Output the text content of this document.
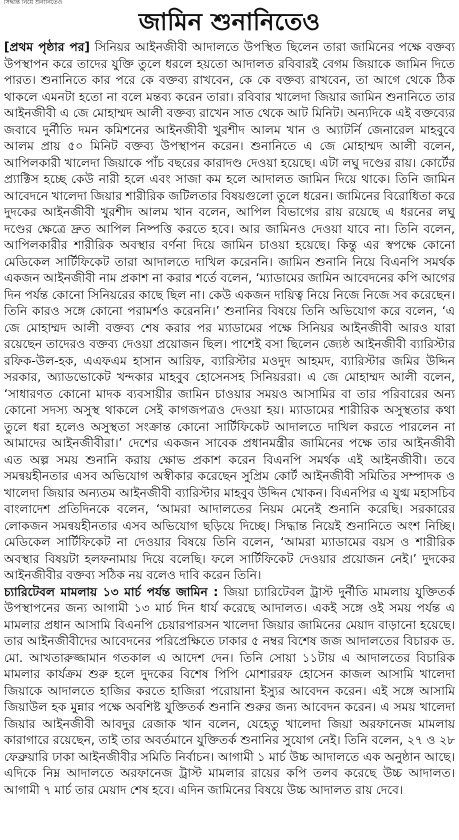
সিদ্ধান্ত নিয়ে শুনানিতেও
জামিন শুনানিতেও

[প্রথম পৃষ্ঠার পর] সিনিয়র আইনজীবী আদালতে উপস্থিত ছিলেন তারা জামিনের পক্ষে বক্তব্য উপস্থাপন করে তাদের যুক্তি তুলে ধরলে হয়তো আদালত রবিবারই বেগম জিয়াকে জামিন দিতে পারত। শুনানিতে কার পরে কে বক্তব্য রাখবেন, কে কে বক্তব্য রাখবেন, তা আগে থেকে ঠিক থাকলে এমনটা হতো না বলে মন্তব্য করেন তারা। রবিবার খালেদা জিয়ার জামিন শুনানিতে তার আইনজীবী এ জে মোহাম্মদ আলী বক্তব্য রাখেন সাত থেকে আট মিনিট। অন্যদিকে এই বক্তব্যের জবাবে দুর্নীতি দমন কমিশনের আইনজীবী খুরশীদ আলম খান ও অ্যাটর্নি জেনারেল মাহবুবে আলম প্রায় ৫০ মিনিট বক্তব্য উপস্থাপন করেন। শুনানিতে এ জে মোহাম্মদ আলী বলেন, আপিলকারী খালেদা জিয়াকে পাঁচ বছরের কারাদণ্ড দেওয়া হয়েছে। এটা লঘু দণ্ডের রায়। কোর্টের প্র্যাক্টিস হচ্ছে কেউ নারী হলে এবং সাজা কম হলে আদালত জামিন দিয়ে থাকে। তিনি জামিন আবেদনে খালেদা জিয়ার শারীরিক জটিলতার বিষয়গুলো তুলে ধরেন। জামিনের বিরোধিতা করে দুদকের আইনজীবী খুরশীদ আলম খান বলেন, আপিল বিভাগের রায় রয়েছে এ ধরনের লঘু দণ্ডের ক্ষেত্রে দ্রুত আপিল নিষ্পত্তি করতে হবে। আর জামিনও দেওয়া যাবে না। তিনি বলেন, আপিলকারীর শারীরিক অবস্থার বর্ণনা দিয়ে জামিন চাওয়া হয়েছে। কিন্তু এর স্বপক্ষে কোনো মেডিকেল সার্টিফিকেট তারা আদালতে দাখিল করেননি। জামিন শুনানি নিয়ে বিএনপি সমর্থক একজন আইনজীবী নাম প্রকাশ না করার শর্তে বলেন, ‘ম্যাডামের জামিন আবেদনের কপি আগের দিন পর্যন্ত কোনো সিনিয়রের কাছে ছিল না। কেউ একজন দায়িত্ব নিয়ে নিজে নিজে সব করেছেন। তিনি কারও সঙ্গে কোনো পরামর্শও করেননি।’ শুনানির বিষয়ে তিনি অভিযোগ করে বলেন, ‘এ জে মোহাম্মদ আলী বক্তব্য শেষ করার পর ম্যাডামের পক্ষে সিনিয়র আইনজীবী আরও যারা রয়েছেন তাদেরও বক্তব্য দেওয়া প্রয়োজন ছিল। পাশেই বসা ছিলেন জ্যেষ্ঠ আইনজীবী ব্যারিস্টার রফিক-উল-হক, এএফএম হাসান আরিফ, ব্যারিস্টার মওদুদ আহমদ, ব্যারিস্টার জমির উদ্দিন সরকার, অ্যাডভোকেট খন্দকার মাহবুব হোসেনসহ সিনিয়ররা। এ জে মোহাম্মদ আলী বলেন, ‘সাধারণত কোনো মাদক ব্যবসায়ীর জামিন চাওয়ার সময়ও আসামির বা তার পরিবারের অন্য কোনো সদস্য অসুস্থ থাকলে সেই কাগজপত্রও দেওয়া হয়। ম্যাডামের শারীরিক অসুস্থতার কথা তুলে ধরা হলেও অসুস্থতা সংক্রান্ত কোনো সার্টিফিকেট আদালতে দাখিল করতে পারলেন না আমাদের আইনজীবীরা।’ দেশের একজন সাবেক প্রধানমন্ত্রীর জামিনের পক্ষে তার আইনজীবী এত অল্প সময় শুনানি করায় ক্ষোভ প্রকাশ করেন বিএনপি সমর্থক এই আইনজীবী। তবে সমন্বয়হীনতার এসব অভিযোগ অস্বীকার করেছেন সুপ্রিম কোর্ট আইনজীবী সমিতির সম্পাদক ও খালেদা জিয়ার অন্যতম আইনজীবী ব্যারিস্টার মাহবুব উদ্দিন খোকন। বিএনপির এ যুগ্ম মহাসচিব বাংলাদেশ প্রতিদিনকে বলেন, ‘আমরা আদালতের নিয়ম মেনেই শুনানি করেছি। সরকারের লোকজন সমন্বয়হীনতার এসব অভিযোগ ছড়িয়ে দিচ্ছে। সিদ্ধান্ত নিয়েই শুনানিতে অংশ নিচ্ছি। মেডিকেল সার্টিফিকেট না দেওয়ার বিষয়ে তিনি বলেন, ‘আমরা ম্যাডামের বয়স ও শারীরিক অবস্থার বিষয়টা হলফনামায় দিয়ে বলেছি। ফলে সার্টিফিকেট দেওয়ার প্রয়োজন নেই।’ দুদকের আইনজীবীর বক্তব্য সঠিক নয় বলেও দাবি করেন তিনি।

চ্যারিটেবল মামলায় ১৩ মার্চ পর্যন্ত জামিন : জিয়া চ্যারিটেবল ট্রাস্ট দুর্নীতি মামলায় যুক্তিতর্ক উপস্থাপনের জন্য আগামী ১৩ মার্চ দিন ধার্য করেছে আদালত। একই সঙ্গে ওই সময় পর্যন্ত এ মামলার প্রধান আসামি বিএনপি চেয়ারপারসন খালেদা জিয়ার জামিনের মেয়াদ বাড়ানো হয়েছে। তার আইনজীবীদের আবেদনের পরিপ্রেক্ষিতে ঢাকার ৫ নম্বর বিশেষ জজ আদালতের বিচারক ড. মো. আখতারুজ্জামান গতকাল এ আদেশ দেন। তিনি সোয়া ১১টায় এ আদালতের বিচারিক মামলার কার্যক্রম শুরু হলে দুদকের বিশেষ পিপি মোশাররফ হোসেন কাজল আসামি খালেদা জিয়াকে আদালতে হাজির করতে হাজিরা পরোয়ানা ইস্যুর আবেদন করেন। এই সঙ্গে আসামি জিয়াউল হক মুন্নার পক্ষে অবশিষ্ট যুক্তিতর্ক শুনানি শুরুর জন্য আবেদন করেন। এ সময় খালেদা জিয়ার আইনজীবী আবদুর রেজাক খান বলেন, যেহেতু খালেদা জিয়া অরফানেজ মামলায় কারাগারে রয়েছেন, তাই তার অবর্তমানে যুক্তিতর্ক শুনানির সুযোগ নেই। তিনি বলেন, ২৭ ও ২৮ ফেব্রুয়ারি ঢাকা আইনজীবীর সমিতি নির্বাচন। আগামী ১ মার্চ উচ্চ আদালতে এক অনুষ্ঠান আছে। এদিকে নিম্ন আদালতে অরফানেজ ট্রাস্ট মামলার রায়ের কপি তলব করেছে উচ্চ আদালত। আগামী ৭ মার্চ তার মেয়াদ শেষ হবে। এদিন জামিনের বিষয়ে উচ্চ আদালত রায় দেবে।
